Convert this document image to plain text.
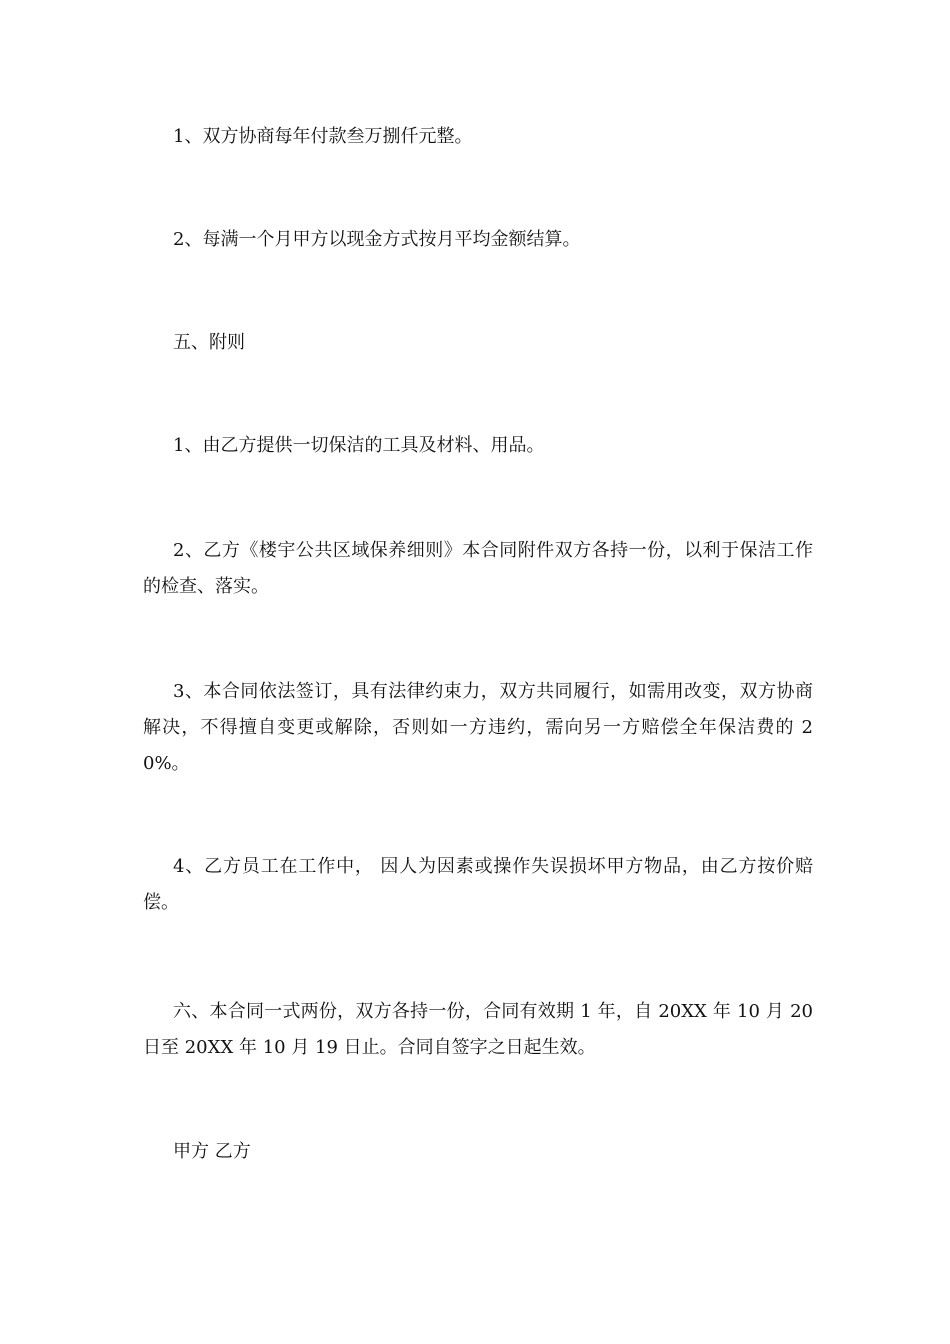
1、双方协商每年付款叁万捌仟元整。

2、每满一个月甲方以现金方式按月平均金额结算。

五、附则

1、由乙方提供一切保洁的工具及材料、用品。

2、乙方《楼宇公共区域保养细则》本合同附件双方各持一份，以利于保洁工作的检查、落实。

3、本合同依法签订，具有法律约束力，双方共同履行，如需用改变，双方协商解决，不得擅自变更或解除，否则如一方违约，需向另一方赔偿全年保洁费的 20%。

4、乙方员工在工作中， 因人为因素或操作失误损坏甲方物品，由乙方按价赔偿。

六、本合同一式两份，双方各持一份，合同有效期 1 年，自 20XX 年 10 月 20 日至 20XX 年 10 月 19 日止。合同自签字之日起生效。

甲方 乙方
